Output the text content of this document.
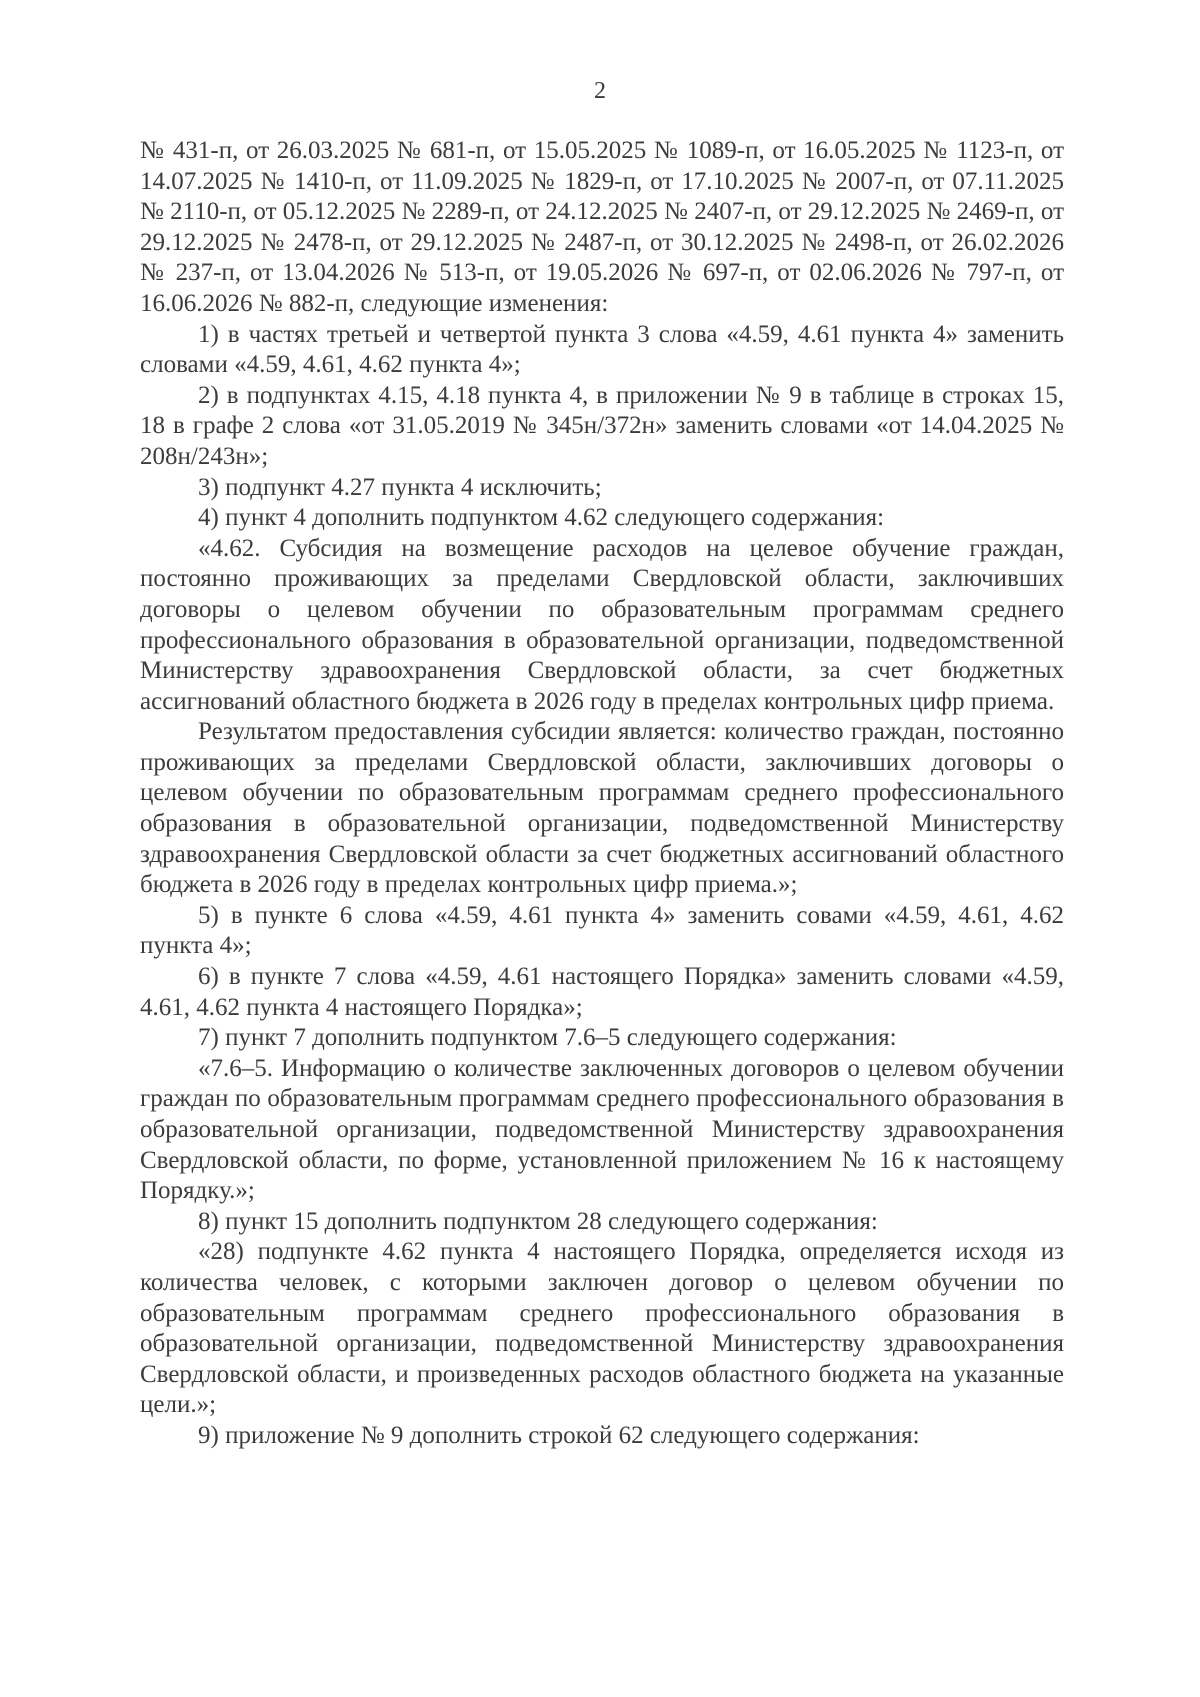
2

№ 431-п, от 26.03.2025 № 681-п, от 15.05.2025 № 1089-п, от 16.05.2025 № 1123-п, от 14.07.2025 № 1410-п, от 11.09.2025 № 1829-п, от 17.10.2025 № 2007-п, от 07.11.2025 № 2110-п, от 05.12.2025 № 2289-п, от 24.12.2025 № 2407-п, от 29.12.2025 № 2469-п, от 29.12.2025 № 2478-п, от 29.12.2025 № 2487-п, от 30.12.2025 № 2498-п, от 26.02.2026 № 237-п, от 13.04.2026 № 513-п, от 19.05.2026 № 697-п, от 02.06.2026 № 797-п, от 16.06.2026 № 882-п, следующие изменения:

1) в частях третьей и четвертой пункта 3 слова «4.59, 4.61 пункта 4» заменить словами «4.59, 4.61, 4.62 пункта 4»;

2) в подпунктах 4.15, 4.18 пункта 4, в приложении № 9 в таблице в строках 15, 18 в графе 2 слова «от 31.05.2019 № 345н/372н» заменить словами «от 14.04.2025 № 208н/243н»;

3) подпункт 4.27 пункта 4 исключить;

4) пункт 4 дополнить подпунктом 4.62 следующего содержания:

«4.62. Субсидия на возмещение расходов на целевое обучение граждан, постоянно проживающих за пределами Свердловской области, заключивших договоры о целевом обучении по образовательным программам среднего профессионального образования в образовательной организации, подведомственной Министерству здравоохранения Свердловской области, за счет бюджетных ассигнований областного бюджета в 2026 году в пределах контрольных цифр приема.

Результатом предоставления субсидии является: количество граждан, постоянно проживающих за пределами Свердловской области, заключивших договоры о целевом обучении по образовательным программам среднего профессионального образования в образовательной организации, подведомственной Министерству здравоохранения Свердловской области за счет бюджетных ассигнований областного бюджета в 2026 году в пределах контрольных цифр приема.»;

5) в пункте 6 слова «4.59, 4.61 пункта 4» заменить совами «4.59, 4.61, 4.62 пункта 4»;

6) в пункте 7 слова «4.59, 4.61 настоящего Порядка» заменить словами «4.59, 4.61, 4.62 пункта 4 настоящего Порядка»;

7) пункт 7 дополнить подпунктом 7.6–5 следующего содержания:

«7.6–5. Информацию о количестве заключенных договоров о целевом обучении граждан по образовательным программам среднего профессионального образования в образовательной организации, подведомственной Министерству здравоохранения Свердловской области, по форме, установленной приложением № 16 к настоящему Порядку.»;

8) пункт 15 дополнить подпунктом 28 следующего содержания:

«28) подпункте 4.62 пункта 4 настоящего Порядка, определяется исходя из количества человек, с которыми заключен договор о целевом обучении по образовательным программам среднего профессионального образования в образовательной организации, подведомственной Министерству здравоохранения Свердловской области, и произведенных расходов областного бюджета на указанные цели.»;

9) приложение № 9 дополнить строкой 62 следующего содержания:
